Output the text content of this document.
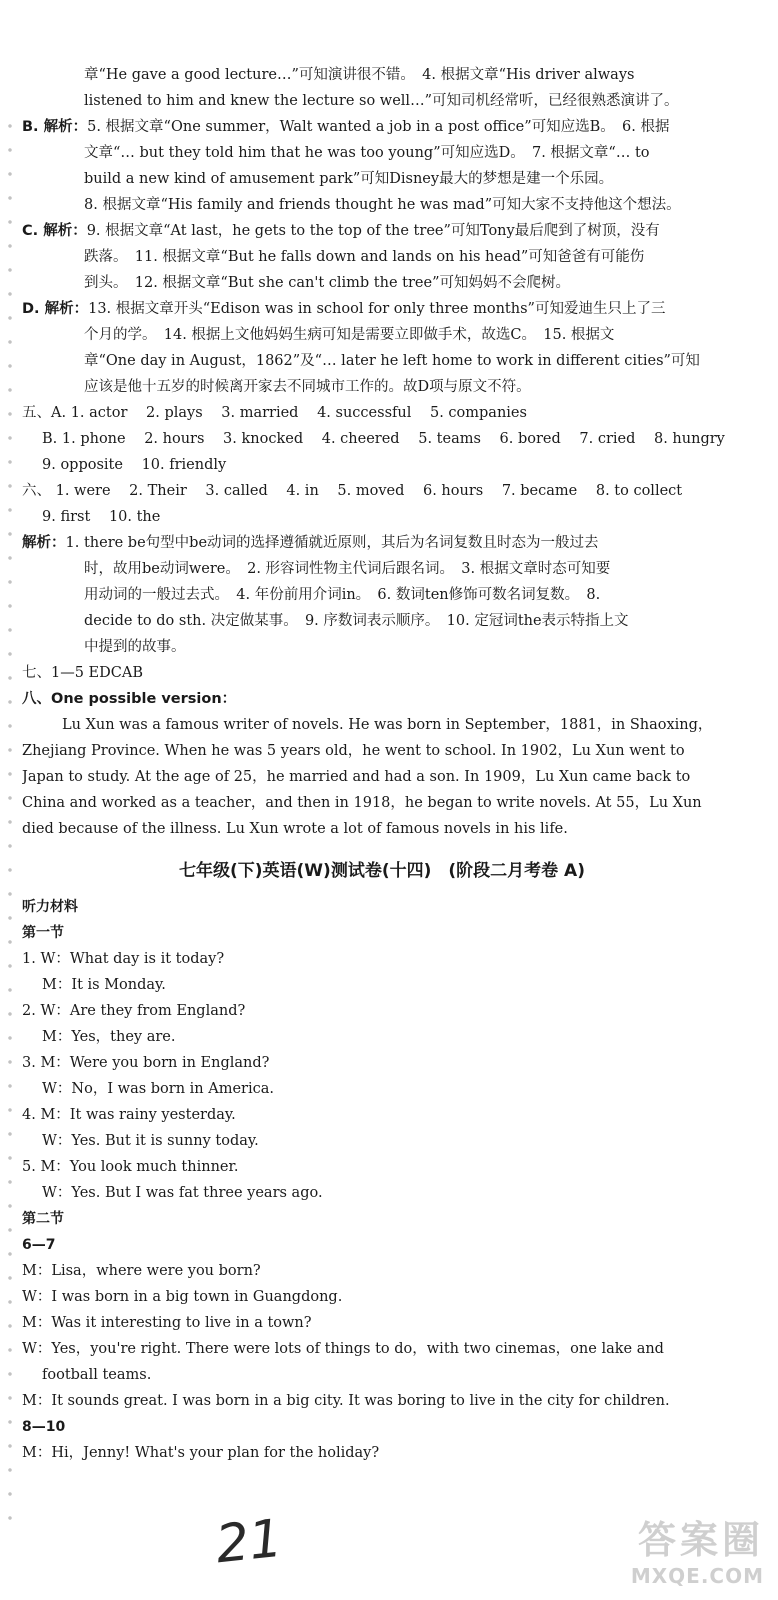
章“He gave a good lecture…”可知演讲很不错。　4. 根据文章“His driver always
listened to him and knew the lecture so well…”可知司机经常听，已经很熟悉演讲了。
B. 解析：5. 根据文章“One summer，Walt wanted a job in a post office”可知应选B。　6. 根据
文章“… but they told him that he was too young”可知应选D。　7. 根据文章“… to
build a new kind of amusement park”可知Disney最大的梦想是建一个乐园。
8. 根据文章“His family and friends thought he was mad”可知大家不支持他这个想法。
C. 解析：9. 根据文章“At last，he gets to the top of the tree”可知Tony最后爬到了树顶，没有
跌落。　11. 根据文章“But he falls down and lands on his head”可知爸爸有可能伤
到头。　12. 根据文章“But she can't climb the tree”可知妈妈不会爬树。
D. 解析：13. 根据文章开头“Edison was in school for only three months”可知爱迪生只上了三
个月的学。　14. 根据上文他妈妈生病可知是需要立即做手术，故选C。　15. 根据文
章“One day in August，1862”及“… later he left home to work in different cities”可知
应该是他十五岁的时候离开家去不同城市工作的。故D项与原文不符。
五、A. 1. actor 2. plays 3. married 4. successful 5. companies
B. 1. phone 2. hours 3. knocked 4. cheered 5. teams 6. bored 7. cried 8. hungry
9. opposite 10. friendly
六、 1. were 2. Their 3. called 4. in 5. moved 6. hours 7. became 8. to collect
9. first 10. the
解析：1. there be句型中be动词的选择遵循就近原则，其后为名词复数且时态为一般过去
时，故用be动词were。　2. 形容词性物主代词后跟名词。　3. 根据文章时态可知要
用动词的一般过去式。　4. 年份前用介词in。　6. 数词ten修饰可数名词复数。　8.
decide to do sth. 决定做某事。　9. 序数词表示顺序。　10. 定冠词the表示特指上文
中提到的故事。
七、1—5 EDCAB
八、One possible version：
Lu Xun was a famous writer of novels. He was born in September，1881，in Shaoxing，
Zhejiang Province. When he was 5 years old，he went to school. In 1902，Lu Xun went to
Japan to study. At the age of 25，he married and had a son. In 1909，Lu Xun came back to
China and worked as a teacher，and then in 1918，he began to write novels. At 55，Lu Xun
died because of the illness. Lu Xun wrote a lot of famous novels in his life.
七年级(下)英语(W)测试卷(十四)　(阶段二月考卷 A)
听力材料
第一节
1. W：What day is it today?
M：It is Monday.
2. W：Are they from England?
M：Yes，they are.
3. M：Were you born in England?
W：No，I was born in America.
4. M：It was rainy yesterday.
W：Yes. But it is sunny today.
5. M：You look much thinner.
W：Yes. But I was fat three years ago.
第二节
6—7
M：Lisa，where were you born?
W：I was born in a big town in Guangdong.
M：Was it interesting to live in a town?
W：Yes，you're right. There were lots of things to do，with two cinemas，one lake and
football teams.
M：It sounds great. I was born in a big city. It was boring to live in the city for children.
8—10
M：Hi，Jenny! What's your plan for the holiday?
21	答案圈
MXQE.COM
